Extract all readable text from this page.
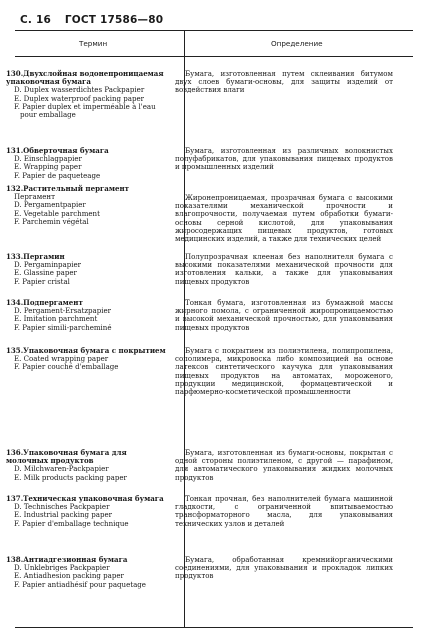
С. 16 ГОСТ 17586—80
Термин	Определение
130.Двухслойная водонепроницаемая упаковочная бумага
D. Duplex wasserdichtes Packpapier
E. Duplex waterproof packing paper
F. Papier duplex et imperméable à l'eau pour emballage

Бумага, изготовленная путем склеивания битумом двух слоев бумаги-основы, для защиты изделий от воздействия влаги

131.Обверточная бумага
D. Einschlagpapier
E. Wrapping paper
F. Papier de paqueteage

Бумага, изготовленная из различных волокнистых полуфабрикатов, для упаковывания пищевых продуктов и промышленных изделий

132.Растительный пергамент
Пергамент
D. Pergamentpapier
E. Vegetable parchment
F. Parchemin végétal

Жиронепроницаемая, прозрачная бумага с высокими показателями механической прочности и влагопрочности, получаемая путем обработки бумаги-основы серной кислотой, для упаковывания жиросодержащих пищевых продуктов, готовых медицинских изделий, а также для технических целей

133.Пергамин
D. Pergaminpapier
E. Glassine paper
F. Papier cristal

Полупрозрачная клееная без наполнителя бумага с высокими показателями механической прочности для изготовления кальки, а также для упаковывания пищевых продуктов

134.Подпергамент
D. Pergament-Ersatzpapier
E. Imitation parchment
F. Papier simili-parcheminé

Тонкая бумага, изготовленная из бумажной массы жирного помола, с ограниченной жиропроницаемостью и высокой механической прочностью, для упаковывания пищевых продуктов

135.Упаковочная бумага с покрытием
E. Coated wrapping paper
F. Papier couché d'emballage

Бумага с покрытием из полиэтилена, полипропилена, сополимера, микровоска либо композицией на основе латексов синтетического каучука для упаковывания пищевых продуктов на автоматах, мороженого, продукции медицинской, формацевтической и парфюмерно-косметической промышленности

136.Упаковочная бумага для молочных продуктов
D. Milchwaren-Packpapier
E. Milk products packing paper

Бумага, изготовленная из бумаги-основы, покрытая с одной стороны полиэтиленом, с другой — парафином, для автоматического упаковывания жидких молочных продуктов

137.Техническая упаковочная бумага
D. Technisches Packpapier
E. Industrial packing paper
F. Papier d'emballage technique

Тонкая прочная, без наполнителей бумага машинной гладкости, с ограниченной впитываемостью трансформаторного масла, для упаковывания технических узлов и деталей

138.Антиадгезионная бумага
D. Unklebriges Packpapier
E. Antiadhesion packing paper
F. Papier antiadhésif pour paquetage

Бумага, обработанная кремнийорганическими соединениями, для упаковывания и прокладок липких продуктов
